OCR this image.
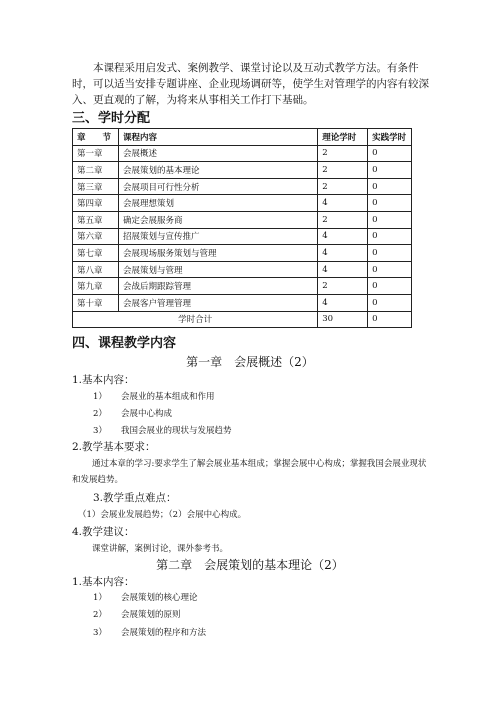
本课程采用启发式、案例教学、课堂讨论以及互动式教学方法。有条件时，可以适当安排专题讲座、企业现场调研等，使学生对管理学的内容有较深入、更直观的了解，为将来从事相关工作打下基础。

三、学时分配

章　　节	课程内容	理论学时	实践学时
第一章	会展概述	2	0
第二章	会展策划的基本理论	2	0
第三章	会展项目可行性分析	2	0
第四章	会展理想策划	4	0
第五章	确定会展服务商	2	0
第六章	招展策划与宣传推广	4	0
第七章	会展现场服务策划与管理	4	0
第八章	会展策划与管理	4	0
第九章	会战后期跟踪管理	2	0
第十章	会展客户管理管理	4	0
学时合计		30	0

四、课程教学内容

第一章　会展概述（2）

1.基本内容：

1）	会展业的基本组成和作用

2）	会展中心构成

3）	我国会展业的现状与发展趋势

2.教学基本要求：

通过本章的学习:要求学生了解会展业基本组成；掌握会展中心构成；掌握我国会展业现状和发展趋势。

3.教学重点难点：

（1）会展业发展趋势；（2）会展中心构成。

4.教学建议：

课堂讲解，案例讨论，课外参考书。

第二章　会展策划的基本理论（2）

1.基本内容：

1）	会展策划的核心理论

2）	会展策划的原则

3）	会展策划的程序和方法
